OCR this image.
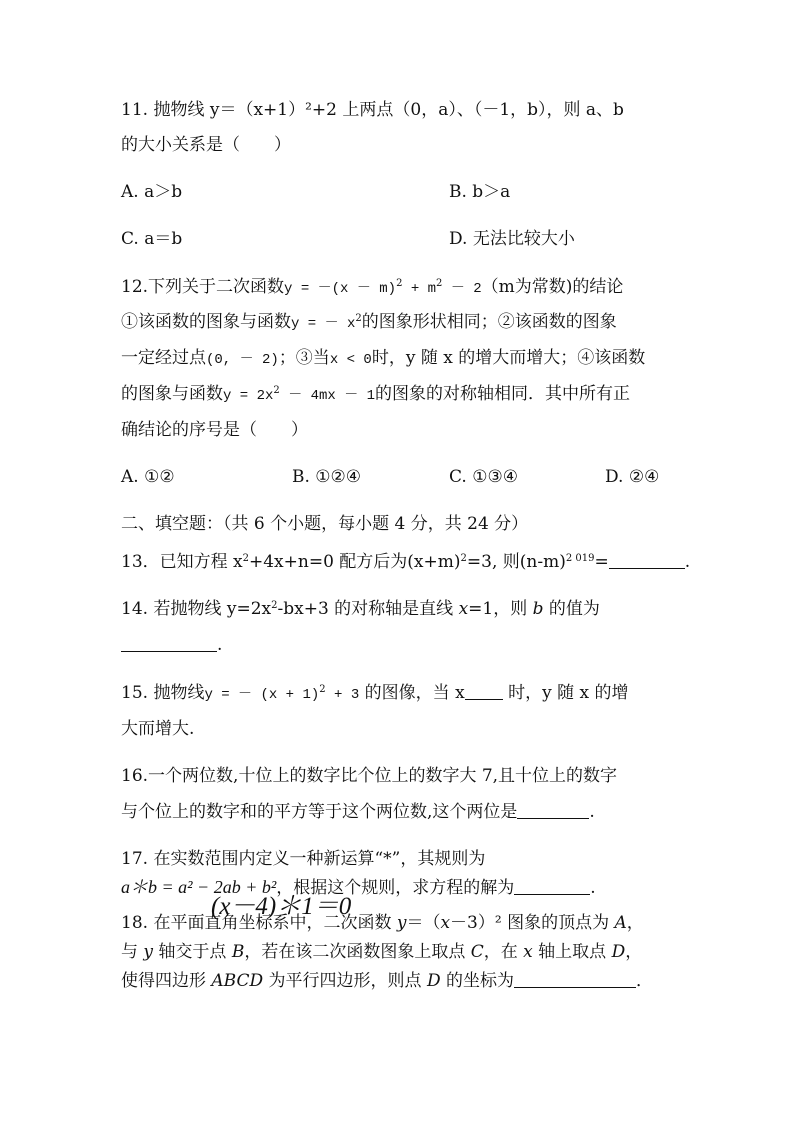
11. 抛物线 y＝（x+1）²+2 上两点（0，a）、（－1，b），则 a、b
的大小关系是（　　）
A. a＞b	B. b＞a
C. a＝b	D. 无法比较大小
12.下列关于二次函数$y = -(x - m)^2 + m^2 - 2(m$为常数)的结论
①该函数的图象与函数y = － $x^2$的图象形状相同；②该函数的图象
一定经过点(0, － 2)；③当x < 0时，y 随 x 的增大而增大；④该函数
的图象与函数$y = 2x^2 - 4mx - 1$的图象的对称轴相同．其中所有正
确结论的序号是（　　）
A. ①②	B. ①②④	C. ①③④	D. ②④
二、填空题：（共 6 个小题，每小题 4 分，共 24 分）
13．已知方程 $x^2+4x+n=0$ 配方后为$(x+m)^2=3$, 则$(n-m)^{2 019}=$	.
14. 若抛物线 $y=2x^2-bx+3$ 的对称轴是直线 x=1，则 b 的值为
.
15. 抛物线y = － $(x + 1)^2 + 3$ 的图像，当 x 时，y 随 x 的增
大而增大.
16.一个两位数,十位上的数字比个位上的数字大 7,且十位上的数字
与个位上的数字和的平方等于这个两位数,这个两位是	.
17. 在实数范围内定义一种新运算“*”，其规则为
a＊b = a² − 2ab + b²，根据这个规则，求方程的解为	.
(x－4)＊1＝0
18. 在平面直角坐标系中，二次函数 y＝（x－3）² 图象的顶点为 A，
与 y 轴交于点 B，若在该二次函数图象上取点 C，在 x 轴上取点 D，
使得四边形 ABCD 为平行四边形，则点 D 的坐标为	．
